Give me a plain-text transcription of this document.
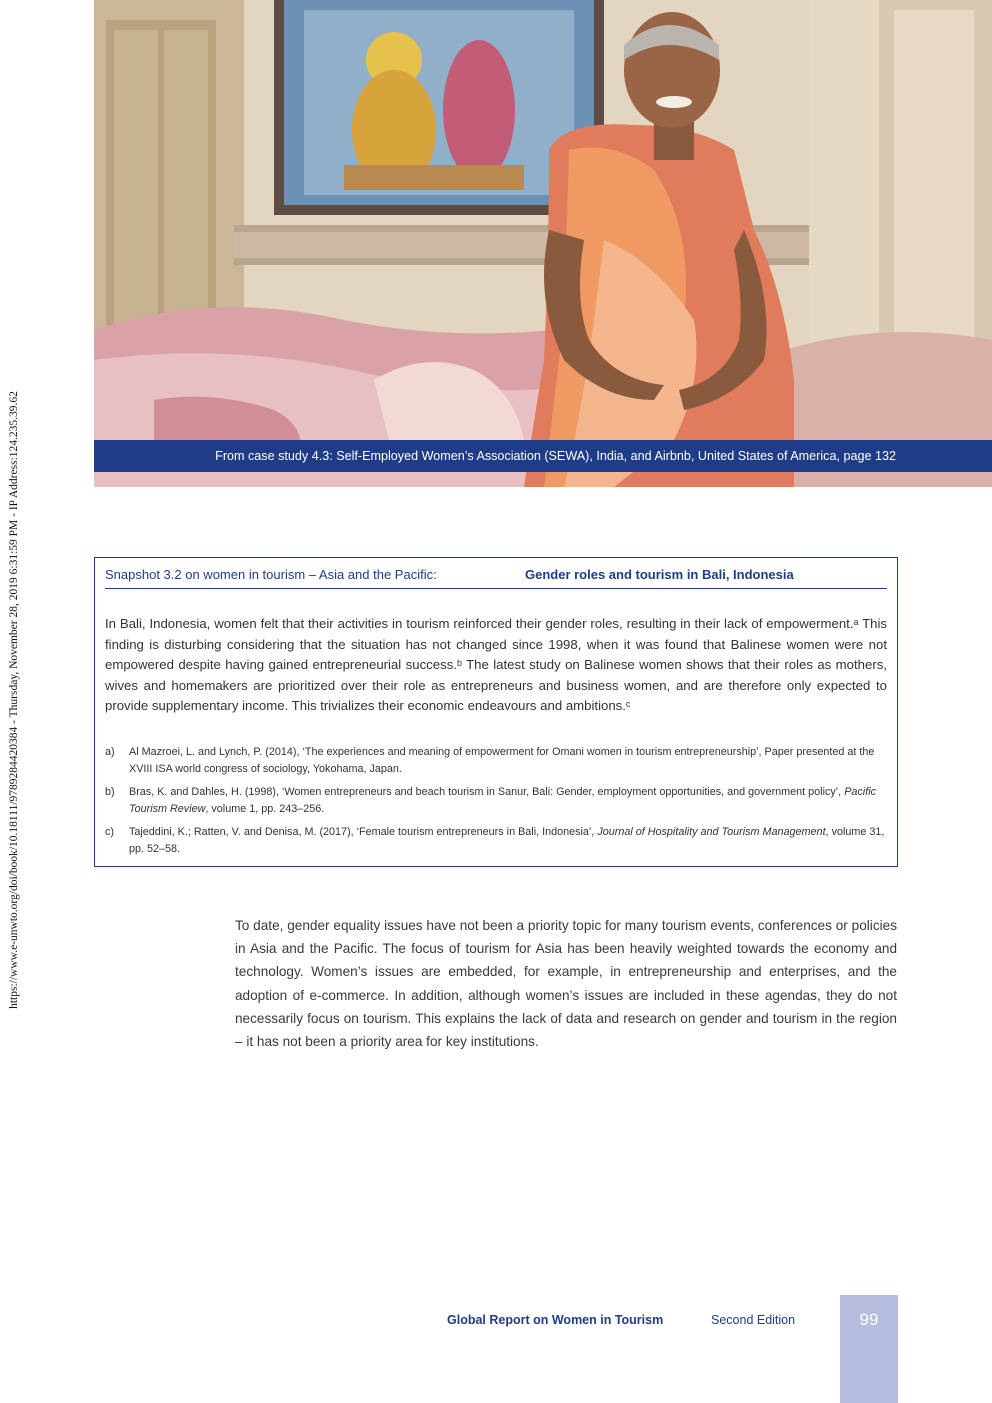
https://www.e-unwto.org/doi/book/10.18111/9789284420384 - Thursday, November 28, 2019 6:31:59 PM - IP Address:124.235.39.62	From case study 4.3: Self-Employed Women’s Association (SEWA), India, and Airbnb, United States of America, page 132
Snapshot 3.2 on women in tourism – Asia and the Pacific:	Gender roles and tourism in Bali, Indonesia

In Bali, Indonesia, women felt that their activities in tourism reinforced their gender roles, resulting in their lack of empowerment.ᵃ This finding is disturbing considering that the situation has not changed since 1998, when it was found that Balinese women were not empowered despite having gained entrepreneurial success.ᵇ The latest study on Balinese women shows that their roles as mothers, wives and homemakers are prioritized over their role as entrepreneurs and business women, and are therefore only expected to provide supplementary income. This trivializes their economic endeavours and ambitions.ᶜ

a) Al Mazroei, L. and Lynch, P. (2014), ‘The experiences and meaning of empowerment for Omani women in tourism entrepreneurship’, Paper presented at the XVIII ISA world congress of sociology, Yokohama, Japan.
b) Bras, K. and Dahles, H. (1998), ‘Women entrepreneurs and beach tourism in Sanur, Bali: Gender, employment opportunities, and government policy’, Pacific Tourism Review, volume 1, pp. 243–256.
c) Tajeddini, K.; Ratten, V. and Denisa, M. (2017), ‘Female tourism entrepreneurs in Bali, Indonesia’, Journal of Hospitality and Tourism Management, volume 31, pp. 52–58.

To date, gender equality issues have not been a priority topic for many tourism events, conferences or policies in Asia and the Pacific. The focus of tourism for Asia has been heavily weighted towards the economy and technology. Women’s issues are embedded, for example, in entrepreneurship and enterprises, and the adoption of e-commerce. In addition, although women’s issues are included in these agendas, they do not necessarily focus on tourism. This explains the lack of data and research on gender and tourism in the region – it has not been a priority area for key institutions.

Global Report on Women in Tourism	Second Edition	99
